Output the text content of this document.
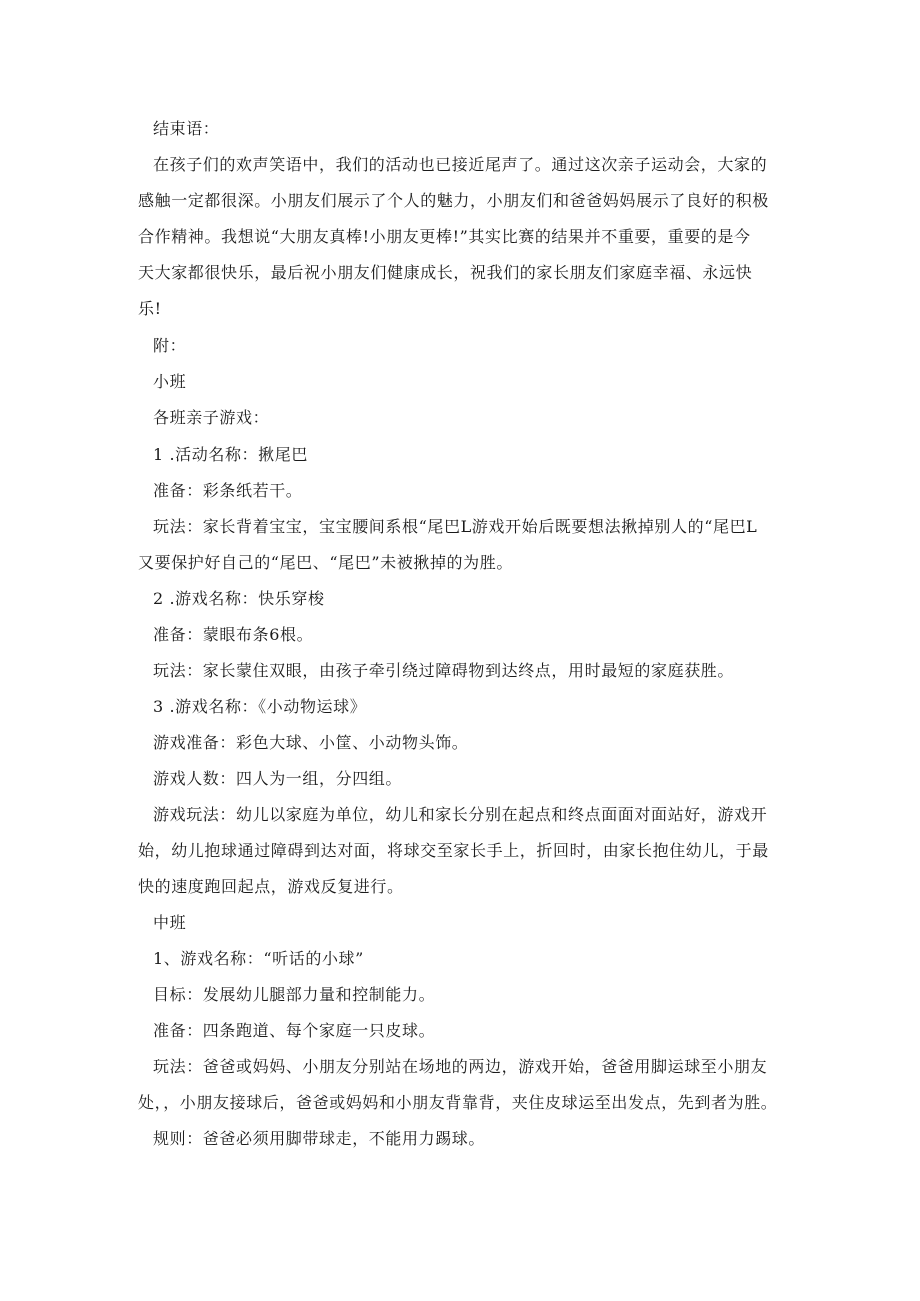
结束语：
在孩子们的欢声笑语中，我们的活动也已接近尾声了。通过这次亲子运动会，大家的
感触一定都很深。小朋友们展示了个人的魅力，小朋友们和爸爸妈妈展示了良好的积极
合作精神。我想说“大朋友真棒!小朋友更棒!”其实比赛的结果并不重要，重要的是今
天大家都很快乐，最后祝小朋友们健康成长，祝我们的家长朋友们家庭幸福、永远快
乐!
附：
小班
各班亲子游戏：
1 .活动名称：揪尾巴
准备：彩条纸若干。
玩法：家长背着宝宝，宝宝腰间系根“尾巴L游戏开始后既要想法揪掉别人的“尾巴L
又要保护好自己的“尾巴、“尾巴”未被揪掉的为胜。
2 .游戏名称：快乐穿梭
准备：蒙眼布条6根。
玩法：家长蒙住双眼，由孩子牵引绕过障碍物到达终点，用时最短的家庭获胜。
3 .游戏名称：《小动物运球》
游戏准备：彩色大球、小筐、小动物头饰。
游戏人数：四人为一组，分四组。
游戏玩法：幼儿以家庭为单位，幼儿和家长分别在起点和终点面面对面站好，游戏开
始，幼儿抱球通过障碍到达对面，将球交至家长手上，折回时，由家长抱住幼儿，于最
快的速度跑回起点，游戏反复进行。
中班
1、游戏名称：“听话的小球”
目标：发展幼儿腿部力量和控制能力。
准备：四条跑道、每个家庭一只皮球。
玩法：爸爸或妈妈、小朋友分别站在场地的两边，游戏开始，爸爸用脚运球至小朋友
处，，小朋友接球后，爸爸或妈妈和小朋友背靠背，夹住皮球运至出发点，先到者为胜。
规则：爸爸必须用脚带球走，不能用力踢球。
